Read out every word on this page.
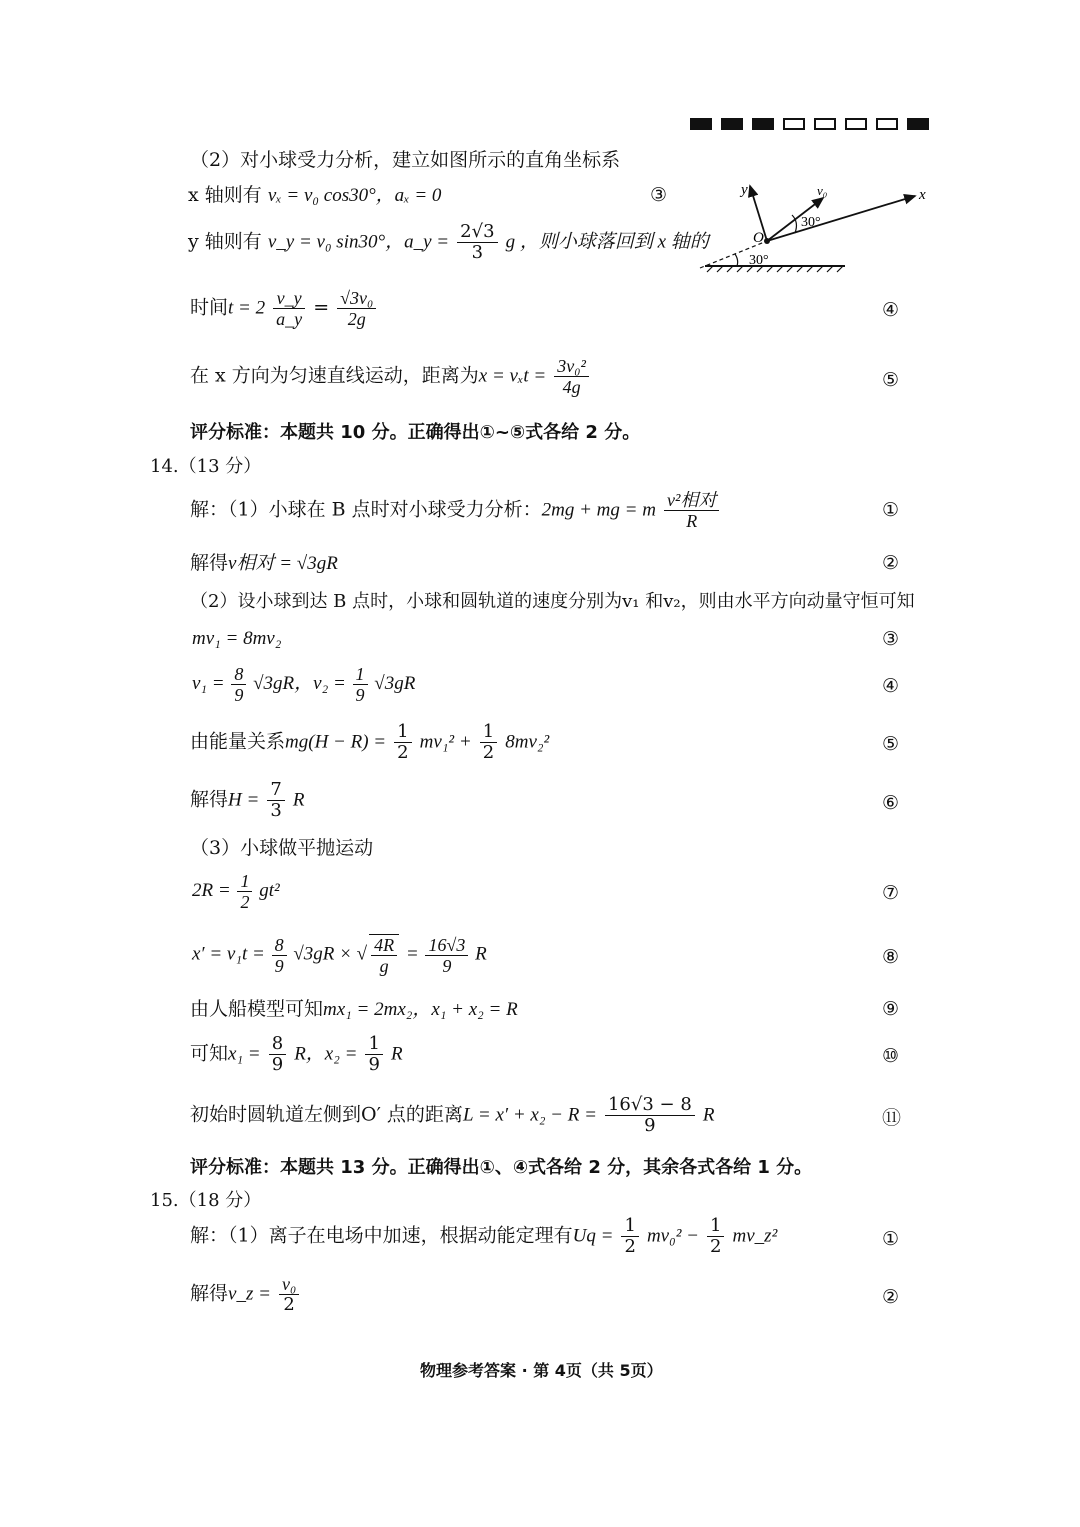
（2）对小球受力分析，建立如图所示的直角坐标系
x 轴则有 vₓ = v₀ cos30°，aₓ = 0	③
y 轴则有 v_y = v₀ sin30°，a_y = $\frac{2√3}{3}$ g ，则小球落回到 x 轴的
时间$t = 2 \frac{v\_y}{a\_y} = \frac{\text{√3v₀}}{2g}$	④
在 x 方向为匀速直线运动，距离为$x = v_xt = \frac{\text{3v₀²}}{4g}$	⑤
评分标准：本题共 10 分。正确得出①~⑤式各给 2 分。
y	v₀	x
O
30°
30°
14.（13 分）
解：（1）小球在 B 点时对小球受力分析：2mg + mg = m $\frac{\text{v²相对}}{R}$	①
解得v相对 = √3gR	②
（2）设小球到达 B 点时，小球和圆轨道的速度分别为v₁ 和v₂，则由水平方向动量守恒可知
mv₁ = 8mv₂	③
$v_1 = \frac{8}{9} √3gR$，$v_2 = \frac{1}{9} √3gR$	④
由能量关系$mg(H - R) = \frac{1}{2} mv_1^2 + \frac{1}{2} 8mv_2^2$	⑤
解得$H = \frac{7}{3}$ R	⑥
（3）小球做平抛运动
$2R = \frac{1}{2} gt^2$	⑦
$x' = v_1t = \frac{8}{9} √3gR$ × √ $\frac{4R}{g} = \frac{16√3}{9}$ R	⑧
由人船模型可知mx₁ = 2mx₂，x₁ + x₂ = R	⑨
可知$x_1 = \frac{8}{9}$ R，$x_2 = \frac{1}{9}$ R	⑩
初始时圆轨道左侧到O′ 点的距离$L = x' + x_2 - R = \frac{16√3 - 8}{9}$ R	⑪
评分标准：本题共 13 分。正确得出①、④式各给 2 分，其余各式各给 1 分。
15.（18 分）
解：（1）离子在电场中加速，根据动能定理有$Uq = \frac{1}{2} mv_0^2 - \frac{1}{2}$ mv_z²	①
解得v_z = $\frac{\text{v₀}}{2}$	②
物理参考答案 · 第 4页（共 5页）
